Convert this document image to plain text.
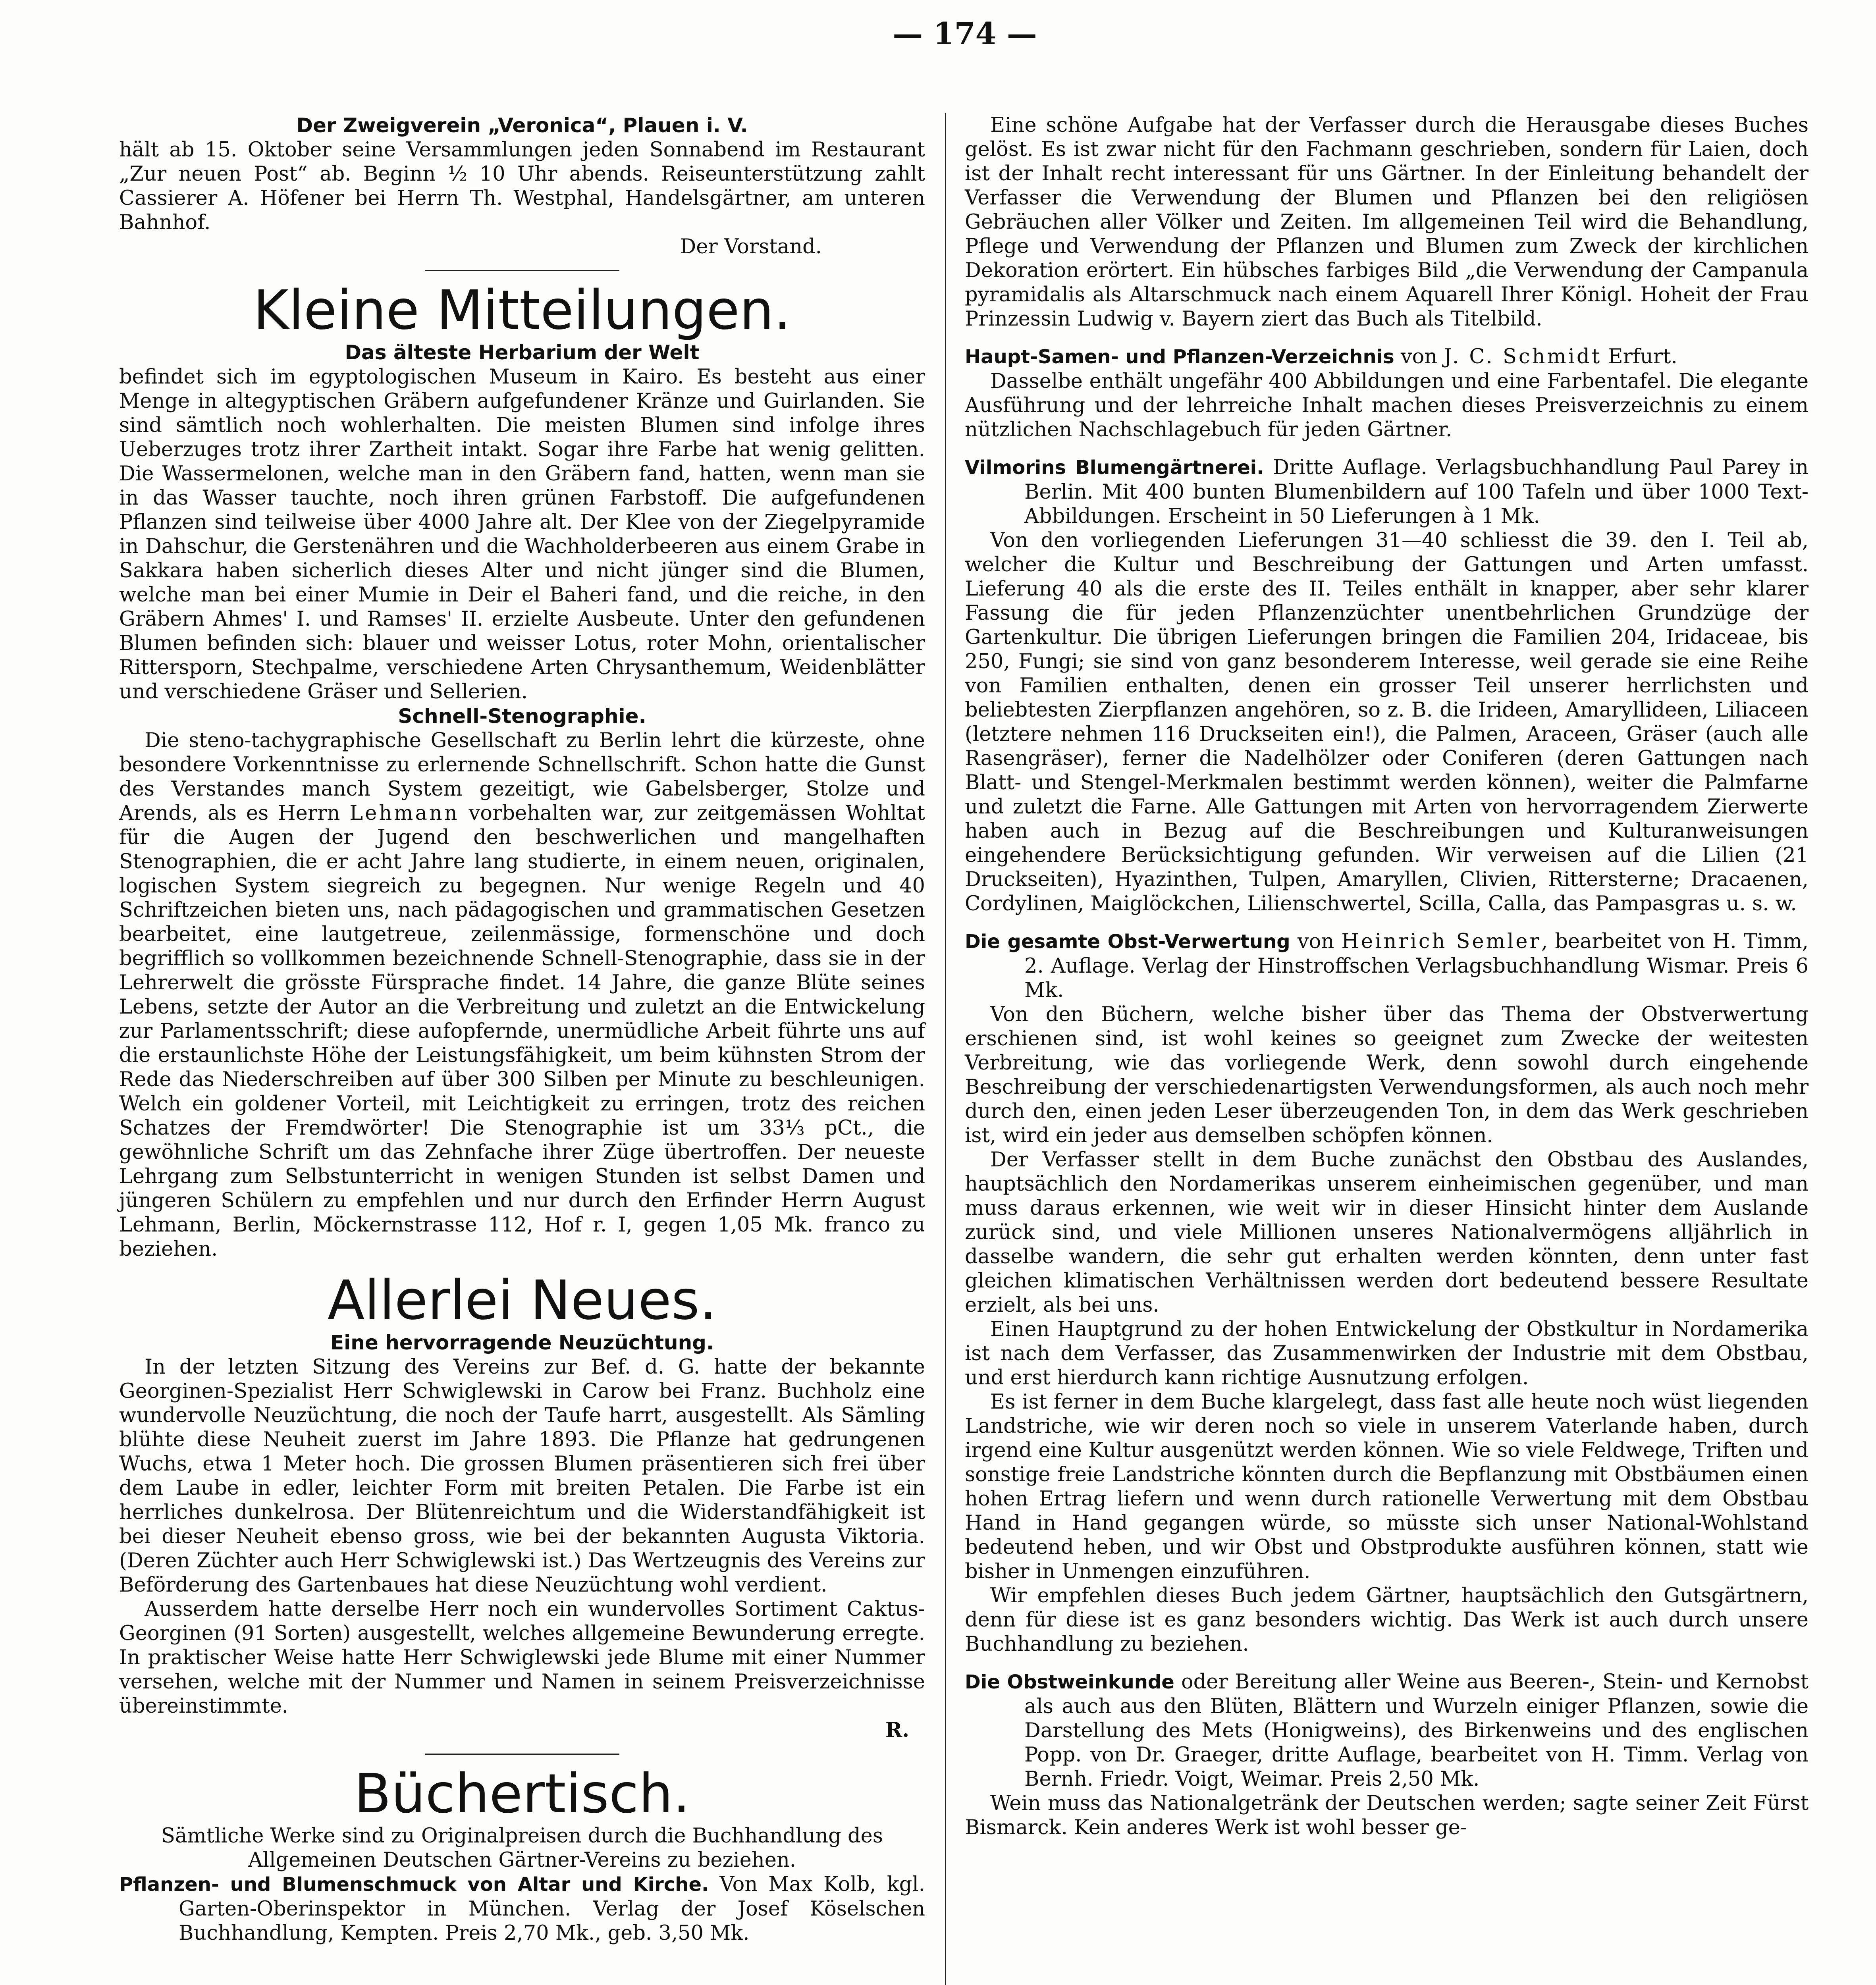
— 174 —
Der Zweigverein „Veronica“, Plauen i. V.

hält ab 15. Oktober seine Versammlungen jeden Sonnabend im Restaurant „Zur neuen Post“ ab. Beginn ½ 10 Uhr abends. Reiseunterstützung zahlt Cassierer A. Höfener bei Herrn Th. Westphal, Handelsgärtner, am unteren Bahnhof.

Der Vorstand.

Kleine Mitteilungen.
Das älteste Herbarium der Welt

befindet sich im egyptologischen Museum in Kairo. Es besteht aus einer Menge in altegyptischen Gräbern aufgefundener Kränze und Guirlanden. Sie sind sämtlich noch wohlerhalten. Die meisten Blumen sind infolge ihres Ueberzuges trotz ihrer Zartheit intakt. Sogar ihre Farbe hat wenig gelitten. Die Wassermelonen, welche man in den Gräbern fand, hatten, wenn man sie in das Wasser tauchte, noch ihren grünen Farbstoff. Die aufgefundenen Pflanzen sind teilweise über 4000 Jahre alt. Der Klee von der Ziegelpyramide in Dahschur, die Gerstenähren und die Wachholderbeeren aus einem Grabe in Sakkara haben sicherlich dieses Alter und nicht jünger sind die Blumen, welche man bei einer Mumie in Deir el Baheri fand, und die reiche, in den Gräbern Ahmes' I. und Ramses' II. erzielte Ausbeute. Unter den gefundenen Blumen befinden sich: blauer und weisser Lotus, roter Mohn, orientalischer Rittersporn, Stechpalme, verschiedene Arten Chrysanthemum, Weidenblätter und verschiedene Gräser und Sellerien.

Schnell-Stenographie.

Die steno-tachygraphische Gesellschaft zu Berlin lehrt die kürzeste, ohne besondere Vorkenntnisse zu erlernende Schnellschrift. Schon hatte die Gunst des Verstandes manch System gezeitigt, wie Gabelsberger, Stolze und Arends, als es Herrn Lehmann vorbehalten war, zur zeitgemässen Wohltat für die Augen der Jugend den beschwerlichen und mangelhaften Stenographien, die er acht Jahre lang studierte, in einem neuen, originalen, logischen System siegreich zu begegnen. Nur wenige Regeln und 40 Schriftzeichen bieten uns, nach pädagogischen und grammatischen Gesetzen bearbeitet, eine lautgetreue, zeilenmässige, formenschöne und doch begrifflich so vollkommen bezeichnende Schnell-Stenographie, dass sie in der Lehrerwelt die grösste Fürsprache findet. 14 Jahre, die ganze Blüte seines Lebens, setzte der Autor an die Verbreitung und zuletzt an die Entwickelung zur Parlamentsschrift; diese aufopfernde, unermüdliche Arbeit führte uns auf die erstaunlichste Höhe der Leistungsfähigkeit, um beim kühnsten Strom der Rede das Niederschreiben auf über 300 Silben per Minute zu beschleunigen. Welch ein goldener Vorteil, mit Leichtigkeit zu erringen, trotz des reichen Schatzes der Fremdwörter! Die Stenographie ist um 33⅓ pCt., die gewöhnliche Schrift um das Zehnfache ihrer Züge übertroffen. Der neueste Lehrgang zum Selbstunterricht in wenigen Stunden ist selbst Damen und jüngeren Schülern zu empfehlen und nur durch den Erfinder Herrn August Lehmann, Berlin, Möckernstrasse 112, Hof r. I, gegen 1,05 Mk. franco zu beziehen.

Allerlei Neues.
Eine hervorragende Neuzüchtung.

In der letzten Sitzung des Vereins zur Bef. d. G. hatte der bekannte Georginen-Spezialist Herr Schwiglewski in Carow bei Franz. Buchholz eine wundervolle Neuzüchtung, die noch der Taufe harrt, ausgestellt. Als Sämling blühte diese Neuheit zuerst im Jahre 1893. Die Pflanze hat gedrungenen Wuchs, etwa 1 Meter hoch. Die grossen Blumen präsentieren sich frei über dem Laube in edler, leichter Form mit breiten Petalen. Die Farbe ist ein herrliches dunkelrosa. Der Blütenreichtum und die Widerstandfähigkeit ist bei dieser Neuheit ebenso gross, wie bei der bekannten Augusta Viktoria. (Deren Züchter auch Herr Schwiglewski ist.) Das Wertzeugnis des Vereins zur Beförderung des Gartenbaues hat diese Neuzüchtung wohl verdient.

Ausserdem hatte derselbe Herr noch ein wundervolles Sortiment Caktus-Georginen (91 Sorten) ausgestellt, welches allgemeine Bewunderung erregte. In praktischer Weise hatte Herr Schwiglewski jede Blume mit einer Nummer versehen, welche mit der Nummer und Namen in seinem Preisverzeichnisse übereinstimmte.

R.

Büchertisch.

Sämtliche Werke sind zu Originalpreisen durch die Buchhandlung des Allgemeinen Deutschen Gärtner-Vereins zu beziehen.

Pflanzen- und Blumenschmuck von Altar und Kirche. Von Max Kolb, kgl. Garten-Oberinspektor in München. Verlag der Josef Köselschen Buchhandlung, Kempten. Preis 2,70 Mk., geb. 3,50 Mk.

Eine schöne Aufgabe hat der Verfasser durch die Herausgabe dieses Buches gelöst. Es ist zwar nicht für den Fachmann geschrieben, sondern für Laien, doch ist der Inhalt recht interessant für uns Gärtner. In der Einleitung behandelt der Verfasser die Verwendung der Blumen und Pflanzen bei den religiösen Gebräuchen aller Völker und Zeiten. Im allgemeinen Teil wird die Behandlung, Pflege und Verwendung der Pflanzen und Blumen zum Zweck der kirchlichen Dekoration erörtert. Ein hübsches farbiges Bild „die Verwendung der Campanula pyramidalis als Altarschmuck nach einem Aquarell Ihrer Königl. Hoheit der Frau Prinzessin Ludwig v. Bayern ziert das Buch als Titelbild.

Haupt-Samen- und Pflanzen-Verzeichnis von J. C. Schmidt Erfurt.

Dasselbe enthält ungefähr 400 Abbildungen und eine Farbentafel. Die elegante Ausführung und der lehrreiche Inhalt machen dieses Preisverzeichnis zu einem nützlichen Nachschlagebuch für jeden Gärtner.

Vilmorins Blumengärtnerei. Dritte Auflage. Verlagsbuchhandlung Paul Parey in Berlin. Mit 400 bunten Blumenbildern auf 100 Tafeln und über 1000 Text-Abbildungen. Erscheint in 50 Lieferungen à 1 Mk.

Von den vorliegenden Lieferungen 31—40 schliesst die 39. den I. Teil ab, welcher die Kultur und Beschreibung der Gattungen und Arten umfasst. Lieferung 40 als die erste des II. Teiles enthält in knapper, aber sehr klarer Fassung die für jeden Pflanzenzüchter unentbehrlichen Grundzüge der Gartenkultur. Die übrigen Lieferungen bringen die Familien 204, Iridaceae, bis 250, Fungi; sie sind von ganz besonderem Interesse, weil gerade sie eine Reihe von Familien enthalten, denen ein grosser Teil unserer herrlichsten und beliebtesten Zierpflanzen angehören, so z. B. die Irideen, Amaryllideen, Liliaceen (letztere nehmen 116 Druckseiten ein!), die Palmen, Araceen, Gräser (auch alle Rasengräser), ferner die Nadelhölzer oder Coniferen (deren Gattungen nach Blatt- und Stengel-Merkmalen bestimmt werden können), weiter die Palmfarne und zuletzt die Farne. Alle Gattungen mit Arten von hervorragendem Zierwerte haben auch in Bezug auf die Beschreibungen und Kulturanweisungen eingehendere Berücksichtigung gefunden. Wir verweisen auf die Lilien (21 Druckseiten), Hyazinthen, Tulpen, Amaryllen, Clivien, Rittersterne; Dracaenen, Cordylinen, Maiglöckchen, Lilienschwertel, Scilla, Calla, das Pampasgras u. s. w.

Die gesamte Obst-Verwertung von Heinrich Semler, bearbeitet von H. Timm, 2. Auflage. Verlag der Hinstroffschen Verlagsbuchhandlung Wismar. Preis 6 Mk.

Von den Büchern, welche bisher über das Thema der Obstverwertung erschienen sind, ist wohl keines so geeignet zum Zwecke der weitesten Verbreitung, wie das vorliegende Werk, denn sowohl durch eingehende Beschreibung der verschiedenartigsten Verwendungsformen, als auch noch mehr durch den, einen jeden Leser überzeugenden Ton, in dem das Werk geschrieben ist, wird ein jeder aus demselben schöpfen können.

Der Verfasser stellt in dem Buche zunächst den Obstbau des Auslandes, hauptsächlich den Nordamerikas unserem einheimischen gegenüber, und man muss daraus erkennen, wie weit wir in dieser Hinsicht hinter dem Auslande zurück sind, und viele Millionen unseres Nationalvermögens alljährlich in dasselbe wandern, die sehr gut erhalten werden könnten, denn unter fast gleichen klimatischen Verhältnissen werden dort bedeutend bessere Resultate erzielt, als bei uns.

Einen Hauptgrund zu der hohen Entwickelung der Obstkultur in Nordamerika ist nach dem Verfasser, das Zusammenwirken der Industrie mit dem Obstbau, und erst hierdurch kann richtige Ausnutzung erfolgen.

Es ist ferner in dem Buche klargelegt, dass fast alle heute noch wüst liegenden Landstriche, wie wir deren noch so viele in unserem Vaterlande haben, durch irgend eine Kultur ausgenützt werden können. Wie so viele Feldwege, Triften und sonstige freie Landstriche könnten durch die Bepflanzung mit Obstbäumen einen hohen Ertrag liefern und wenn durch rationelle Verwertung mit dem Obstbau Hand in Hand gegangen würde, so müsste sich unser National-Wohlstand bedeutend heben, und wir Obst und Obstprodukte ausführen können, statt wie bisher in Unmengen einzuführen.

Wir empfehlen dieses Buch jedem Gärtner, hauptsächlich den Gutsgärtnern, denn für diese ist es ganz besonders wichtig. Das Werk ist auch durch unsere Buchhandlung zu beziehen.

Die Obstweinkunde oder Bereitung aller Weine aus Beeren-, Stein- und Kernobst als auch aus den Blüten, Blättern und Wurzeln einiger Pflanzen, sowie die Darstellung des Mets (Honigweins), des Birkenweins und des englischen Popp. von Dr. Graeger, dritte Auflage, bearbeitet von H. Timm. Verlag von Bernh. Friedr. Voigt, Weimar. Preis 2,50 Mk.

Wein muss das Nationalgetränk der Deutschen werden; sagte seiner Zeit Fürst Bismarck. Kein anderes Werk ist wohl besser ge-
